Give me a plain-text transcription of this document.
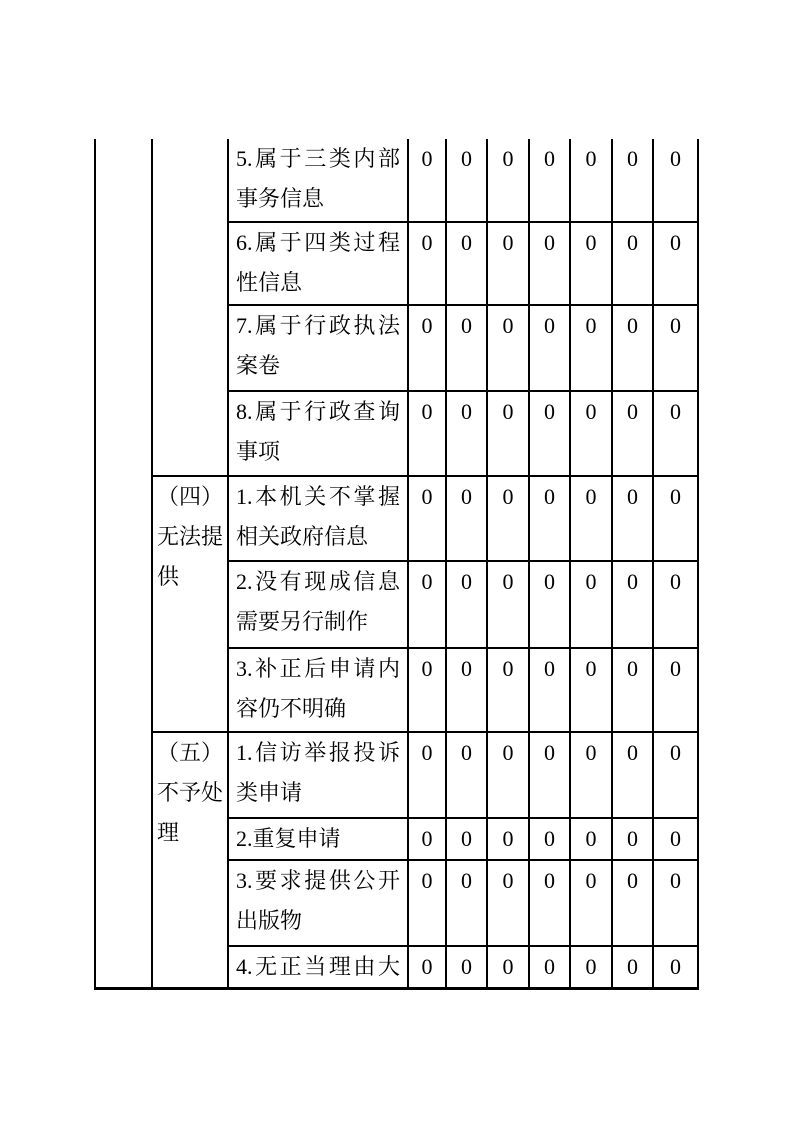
		5.属于三类内部事务信息	0	0	0	0	0	0	0
		6.属于四类过程性信息	0	0	0	0	0	0	0
		7.属于行政执法案卷	0	0	0	0	0	0	0
		8.属于行政查询事项	0	0	0	0	0	0	0
	（四）无法提供	1.本机关不掌握相关政府信息	0	0	0	0	0	0	0
		2.没有现成信息需要另行制作	0	0	0	0	0	0	0
		3.补正后申请内容仍不明确	0	0	0	0	0	0	0
	（五）不予处理	1.信访举报投诉类申请	0	0	0	0	0	0	0
		2.重复申请	0	0	0	0	0	0	0
		3.要求提供公开出版物	0	0	0	0	0	0	0
		4.无正当理由大	0	0	0	0	0	0	0
